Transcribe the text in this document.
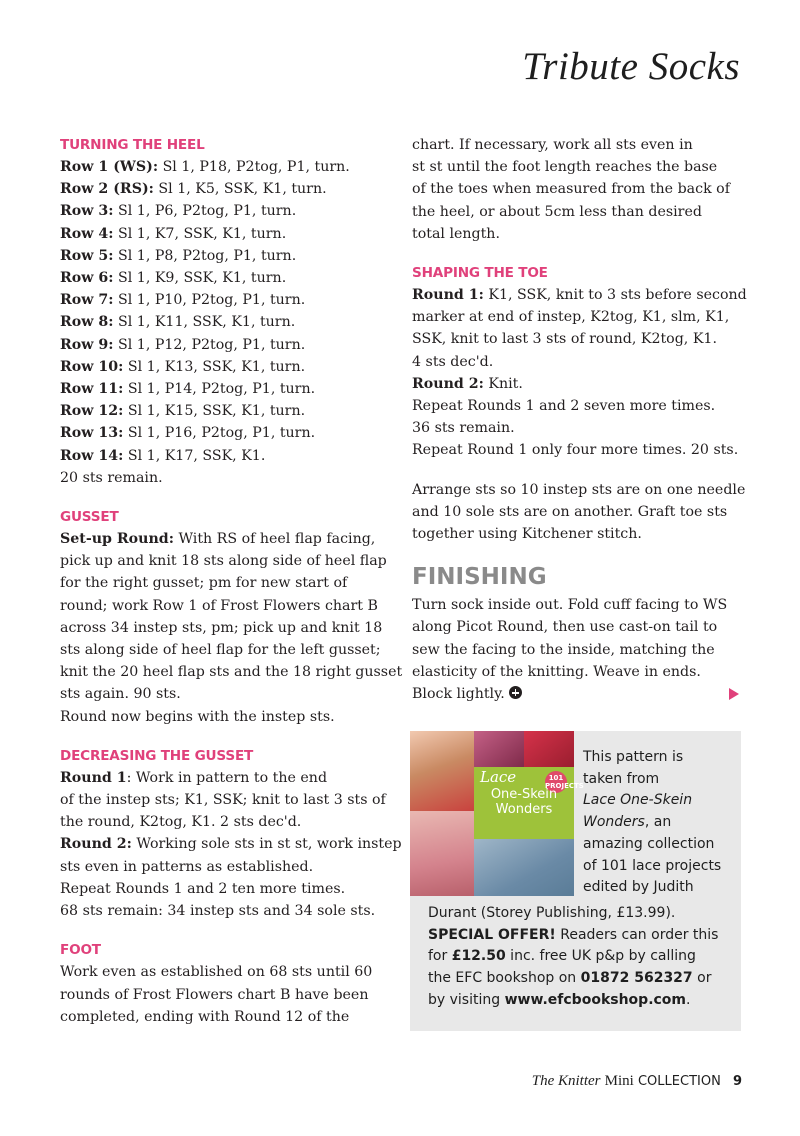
Tribute Socks
TURNING THE HEEL
Row 1 (WS): Sl 1, P18, P2tog, P1, turn.
Row 2 (RS): Sl 1, K5, SSK, K1, turn.
Row 3: Sl 1, P6, P2tog, P1, turn.
Row 4: Sl 1, K7, SSK, K1, turn.
Row 5: Sl 1, P8, P2tog, P1, turn.
Row 6: Sl 1, K9, SSK, K1, turn.
Row 7: Sl 1, P10, P2tog, P1, turn.
Row 8: Sl 1, K11, SSK, K1, turn.
Row 9: Sl 1, P12, P2tog, P1, turn.
Row 10: Sl 1, K13, SSK, K1, turn.
Row 11: Sl 1, P14, P2tog, P1, turn.
Row 12: Sl 1, K15, SSK, K1, turn.
Row 13: Sl 1, P16, P2tog, P1, turn.
Row 14: Sl 1, K17, SSK, K1.
20 sts remain.
GUSSET
Set-up Round: With RS of heel flap facing,
pick up and knit 18 sts along side of heel flap
for the right gusset; pm for new start of
round; work Row 1 of Frost Flowers chart B
across 34 instep sts, pm; pick up and knit 18
sts along side of heel flap for the left gusset;
knit the 20 heel flap sts and the 18 right gusset
sts again. 90 sts.
Round now begins with the instep sts.
DECREASING THE GUSSET
Round 1: Work in pattern to the end
of the instep sts; K1, SSK; knit to last 3 sts of
the round, K2tog, K1. 2 sts dec'd.
Round 2: Working sole sts in st st, work instep
sts even in patterns as established.
Repeat Rounds 1 and 2 ten more times.
68 sts remain: 34 instep sts and 34 sole sts.
FOOT
Work even as established on 68 sts until 60
rounds of Frost Flowers chart B have been
completed, ending with Round 12 of the
chart. If necessary, work all sts even in
st st until the foot length reaches the base
of the toes when measured from the back of
the heel, or about 5cm less than desired
total length.
SHAPING THE TOE
Round 1: K1, SSK, knit to 3 sts before second
marker at end of instep, K2tog, K1, slm, K1,
SSK, knit to last 3 sts of round, K2tog, K1.
4 sts dec'd.
Round 2: Knit.
Repeat Rounds 1 and 2 seven more times.
36 sts remain.
Repeat Round 1 only four more times. 20 sts.
Arrange sts so 10 instep sts are on one needle
and 10 sole sts are on another. Graft toe sts
together using Kitchener stitch.
FINISHING
Turn sock inside out. Fold cuff facing to WS
along Picot Round, then use cast-on tail to
sew the facing to the inside, matching the
elasticity of the knitting. Weave in ends.
Block lightly.
101 PROJECTS
Lace
One-Skein
Wonders
This pattern is
taken from
Lace One-Skein
Wonders, an
amazing collection
of 101 lace projects
edited by Judith
Durant (Storey Publishing, £13.99).
SPECIAL OFFER! Readers can order this
for £12.50 inc. free UK p&p by calling
the EFC bookshop on 01872 562327 or
by visiting www.efcbookshop.com.
The Knitter Mini COLLECTION 9
